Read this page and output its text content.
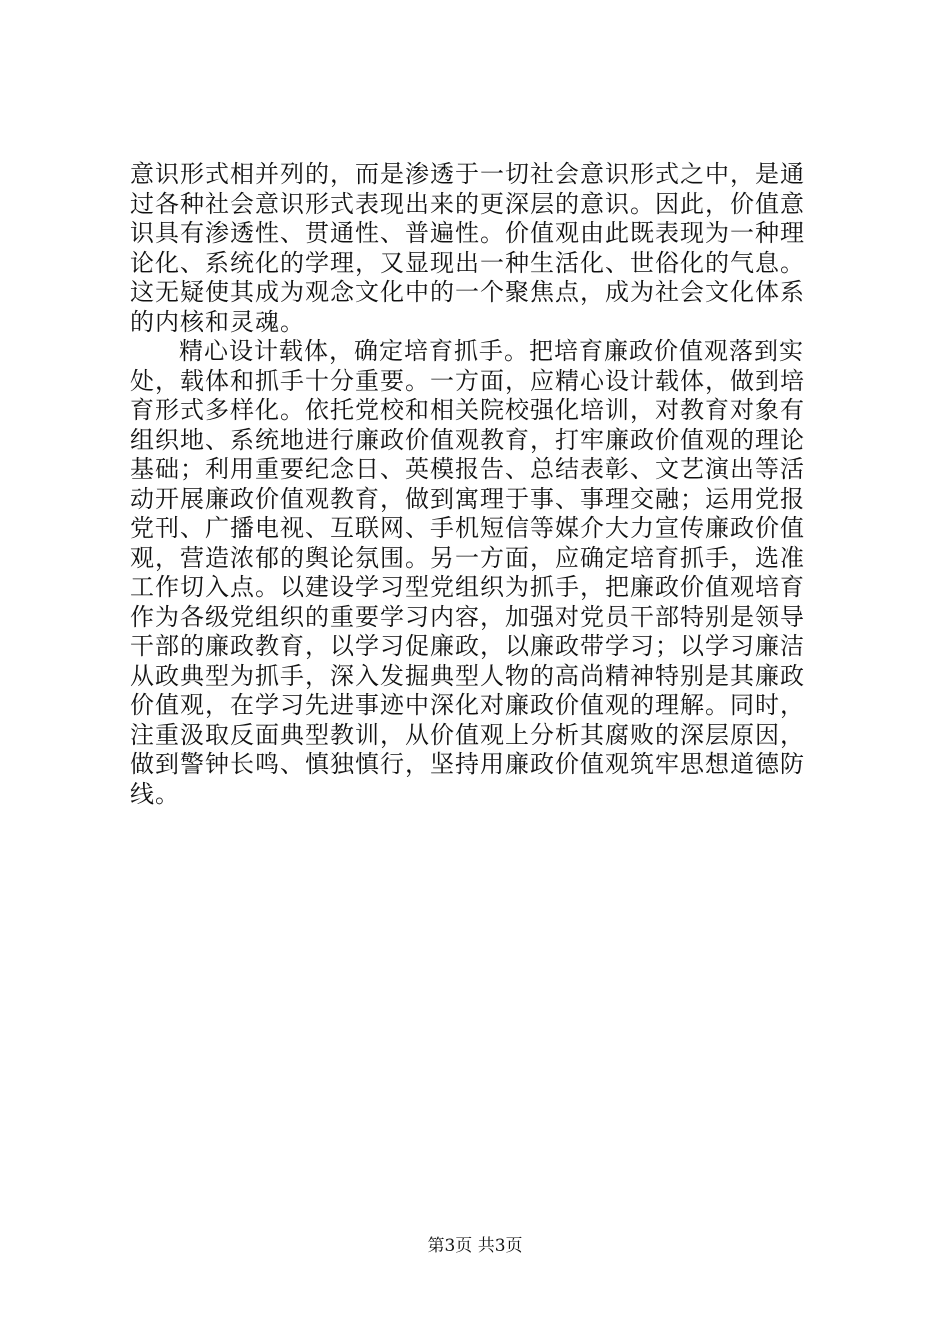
意识形式相并列的，而是渗透于一切社会意识形式之中，是通
过各种社会意识形式表现出来的更深层的意识。因此，价值意
识具有渗透性、贯通性、普遍性。价值观由此既表现为一种理
论化、系统化的学理，又显现出一种生活化、世俗化的气息。
这无疑使其成为观念文化中的一个聚焦点，成为社会文化体系
的内核和灵魂。
精心设计载体，确定培育抓手。把培育廉政价值观落到实
处，载体和抓手十分重要。一方面，应精心设计载体，做到培
育形式多样化。依托党校和相关院校强化培训，对教育对象有
组织地、系统地进行廉政价值观教育，打牢廉政价值观的理论
基础；利用重要纪念日、英模报告、总结表彰、文艺演出等活
动开展廉政价值观教育，做到寓理于事、事理交融；运用党报
党刊、广播电视、互联网、手机短信等媒介大力宣传廉政价值
观，营造浓郁的舆论氛围。另一方面，应确定培育抓手，选准
工作切入点。以建设学习型党组织为抓手，把廉政价值观培育
作为各级党组织的重要学习内容，加强对党员干部特别是领导
干部的廉政教育，以学习促廉政，以廉政带学习；以学习廉洁
从政典型为抓手，深入发掘典型人物的高尚精神特别是其廉政
价值观，在学习先进事迹中深化对廉政价值观的理解。同时，
注重汲取反面典型教训，从价值观上分析其腐败的深层原因，
做到警钟长鸣、慎独慎行，坚持用廉政价值观筑牢思想道德防
线。
第3页 共3页
